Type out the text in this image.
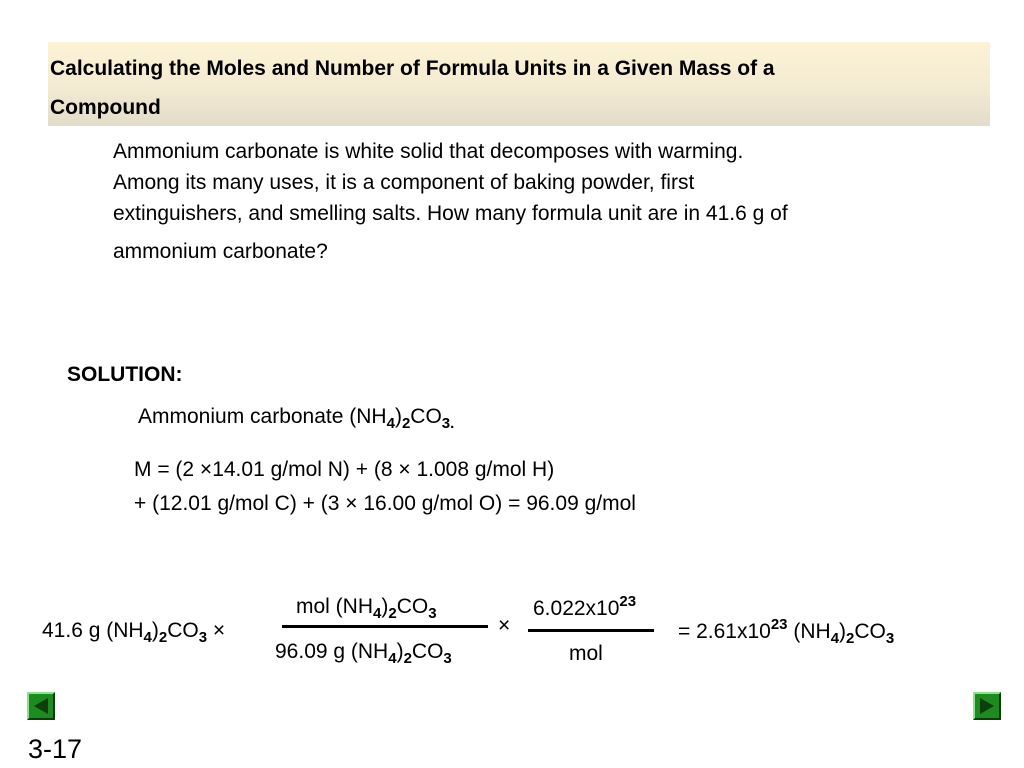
Calculating the Moles and Number of Formula Units in a Given Mass of a
Compound
Ammonium carbonate is white solid that decomposes with warming.
Among its many uses, it is a component of baking powder, first
extinguishers, and smelling salts. How many formula unit are in 41.6 g of
ammonium carbonate?
SOLUTION:
Ammonium carbonate $(NH_4)_2CO_{3.}$
M = (2 ×14.01 g/mol N) + (8 × 1.008 g/mol H)
+ (12.01 g/mol C) + (3 × 16.00 g/mol O) = 96.09 g/mol
41.6 g $(NH_4)_2CO_3$ ×
mol $(NH_4)_2CO_3$
96.09 g $(NH_4)_2CO_3$
×
$6.022x10^{23}$
mol
= $2.61x10^{23}$ $(NH_4)_2CO_3$
3-17
